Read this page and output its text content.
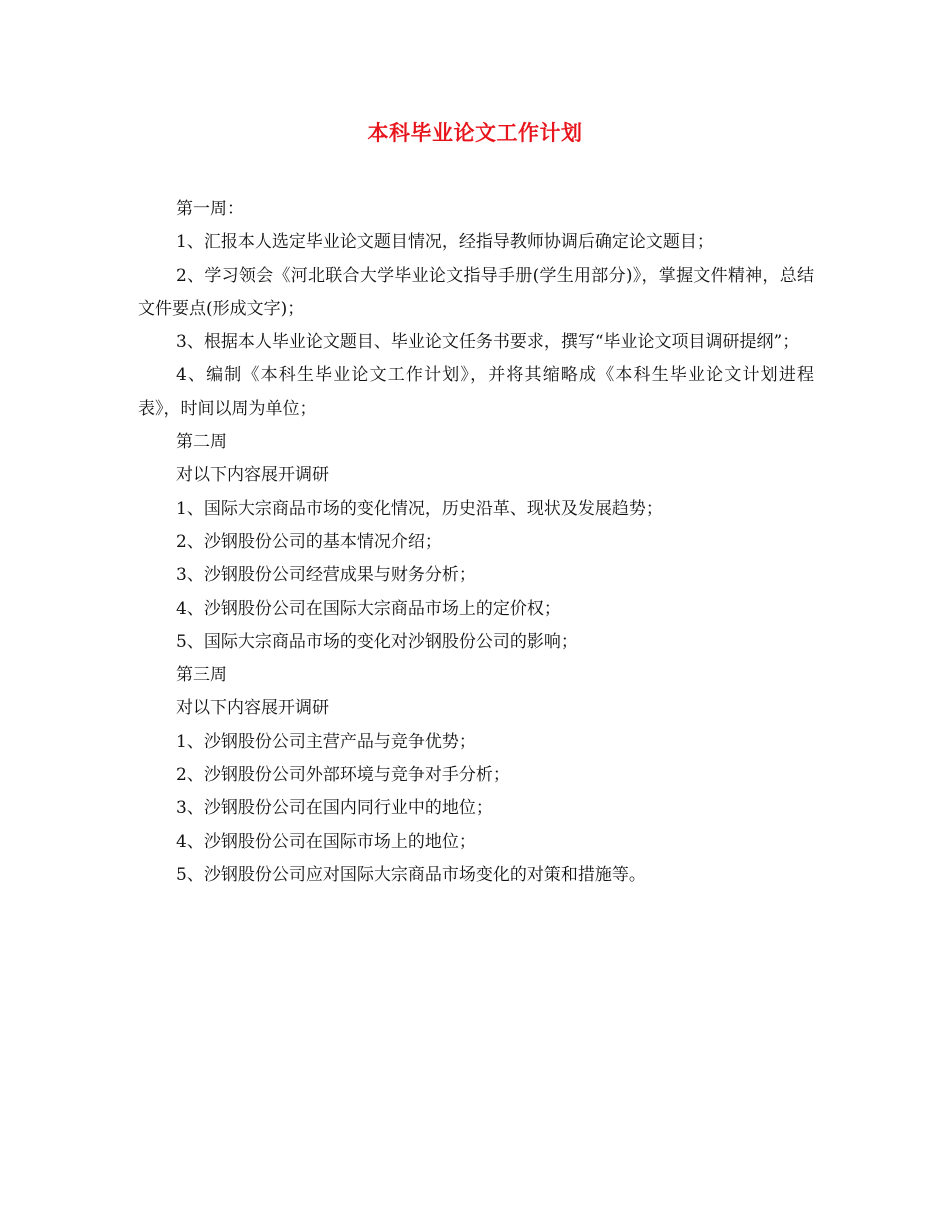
本科毕业论文工作计划

第一周：

1、汇报本人选定毕业论文题目情况，经指导教师协调后确定论文题目；

2、学习领会《河北联合大学毕业论文指导手册(学生用部分)》，掌握文件精神，总结文件要点(形成文字)；

3、根据本人毕业论文题目、毕业论文任务书要求，撰写“毕业论文项目调研提纲”；

4、编制《本科生毕业论文工作计划》，并将其缩略成《本科生毕业论文计划进程表》，时间以周为单位；

第二周

对以下内容展开调研

1、国际大宗商品市场的变化情况，历史沿革、现状及发展趋势；

2、沙钢股份公司的基本情况介绍；

3、沙钢股份公司经营成果与财务分析；

4、沙钢股份公司在国际大宗商品市场上的定价权；

5、国际大宗商品市场的变化对沙钢股份公司的影响；

第三周

对以下内容展开调研

1、沙钢股份公司主营产品与竞争优势；

2、沙钢股份公司外部环境与竞争对手分析；

3、沙钢股份公司在国内同行业中的地位；

4、沙钢股份公司在国际市场上的地位；

5、沙钢股份公司应对国际大宗商品市场变化的对策和措施等。
